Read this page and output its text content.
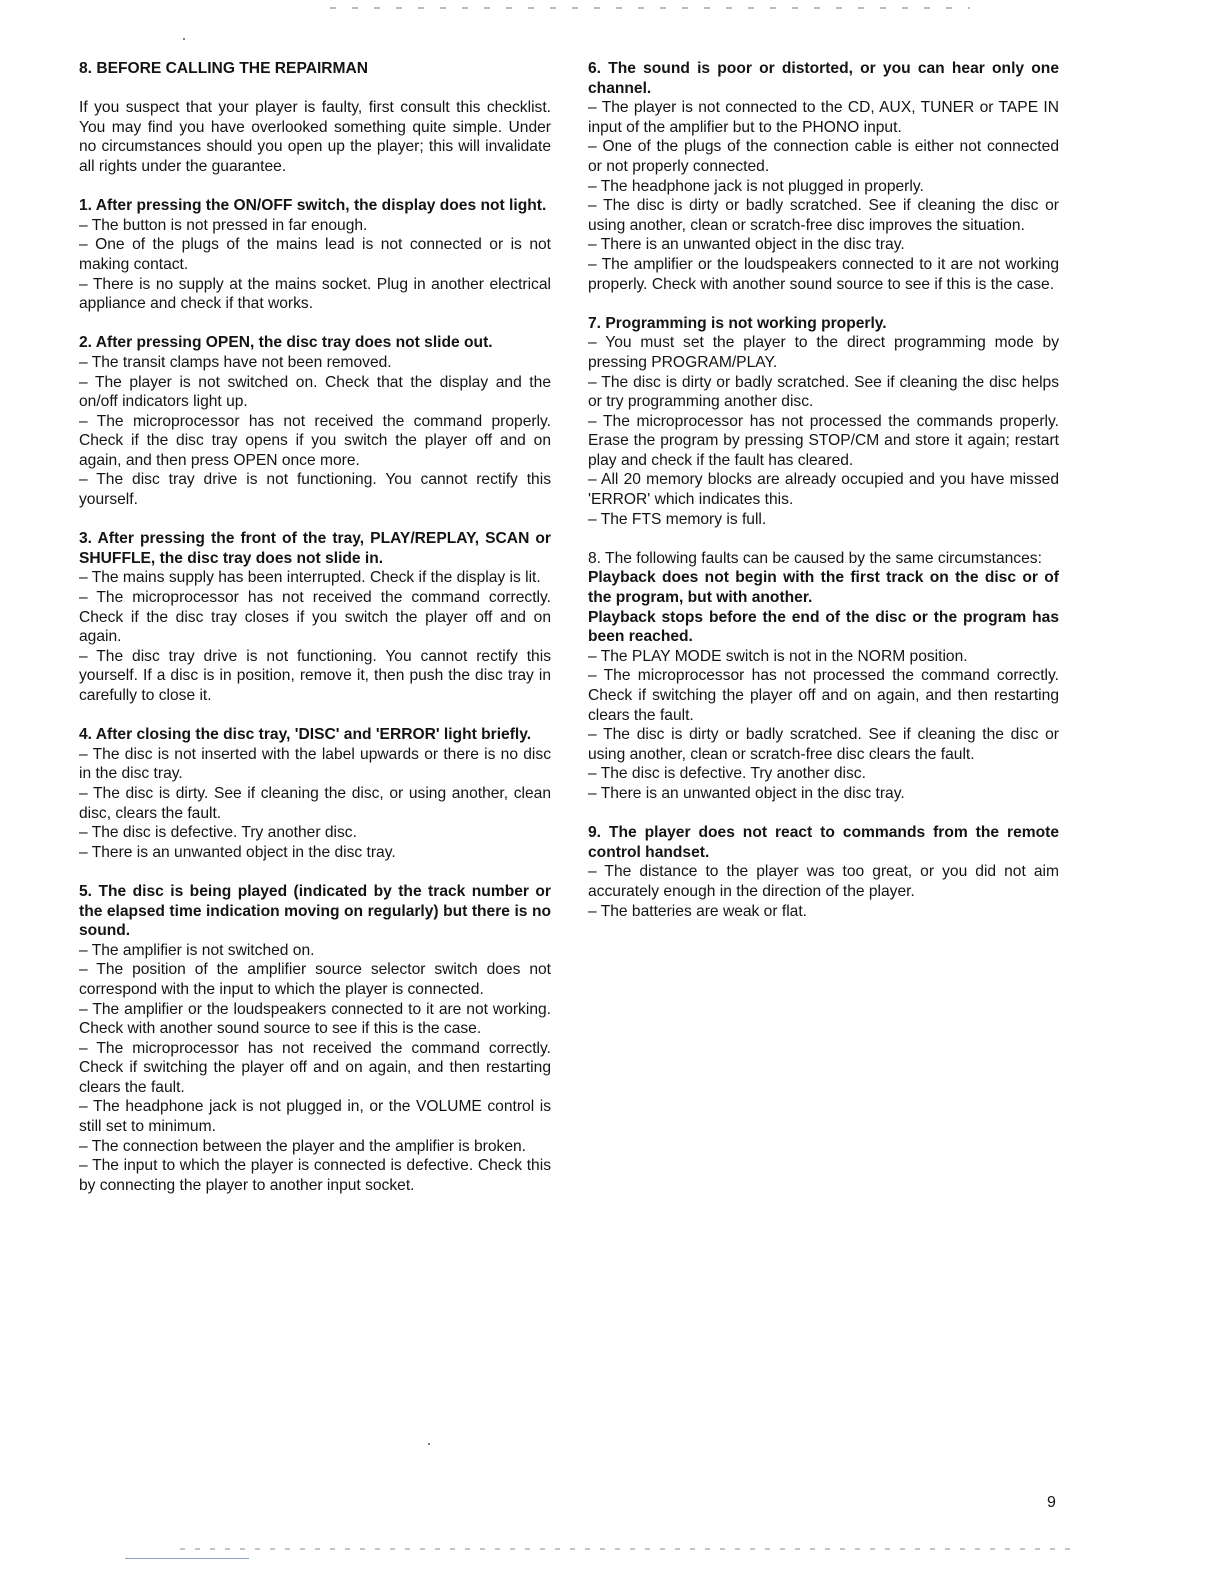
8. BEFORE CALLING THE REPAIRMAN

If you suspect that your player is faulty, first consult this checklist. You may find you have overlooked something quite simple. Under no circumstances should you open up the player; this will invalidate all rights under the guarantee.

1. After pressing the ON/OFF switch, the display does not light.

– The button is not pressed in far enough.

– One of the plugs of the mains lead is not connected or is not making contact.

– There is no supply at the mains socket. Plug in another electrical appliance and check if that works.

2. After pressing OPEN, the disc tray does not slide out.

– The transit clamps have not been removed.

– The player is not switched on. Check that the display and the on/off indicators light up.

– The microprocessor has not received the command properly. Check if the disc tray opens if you switch the player off and on again, and then press OPEN once more.

– The disc tray drive is not functioning. You cannot rectify this yourself.

3. After pressing the front of the tray, PLAY/REPLAY, SCAN or SHUFFLE, the disc tray does not slide in.

– The mains supply has been interrupted. Check if the display is lit.

– The microprocessor has not received the command correctly. Check if the disc tray closes if you switch the player off and on again.

– The disc tray drive is not functioning. You cannot rectify this yourself. If a disc is in position, remove it, then push the disc tray in carefully to close it.

4. After closing the disc tray, 'DISC' and 'ERROR' light briefly.

– The disc is not inserted with the label upwards or there is no disc in the disc tray.

– The disc is dirty. See if cleaning the disc, or using another, clean disc, clears the fault.

– The disc is defective. Try another disc.

– There is an unwanted object in the disc tray.

5. The disc is being played (indicated by the track number or the elapsed time indication moving on regularly) but there is no sound.

– The amplifier is not switched on.

– The position of the amplifier source selector switch does not correspond with the input to which the player is connected.

– The amplifier or the loudspeakers connected to it are not working. Check with another sound source to see if this is the case.

– The microprocessor has not received the command correctly. Check if switching the player off and on again, and then restarting clears the fault.

– The headphone jack is not plugged in, or the VOLUME control is still set to minimum.

– The connection between the player and the amplifier is broken.

– The input to which the player is connected is defective. Check this by connecting the player to another input socket.

6. The sound is poor or distorted, or you can hear only one channel.

– The player is not connected to the CD, AUX, TUNER or TAPE IN input of the amplifier but to the PHONO input.

– One of the plugs of the connection cable is either not connected or not properly connected.

– The headphone jack is not plugged in properly.

– The disc is dirty or badly scratched. See if cleaning the disc or using another, clean or scratch-free disc improves the situation.

– There is an unwanted object in the disc tray.

– The amplifier or the loudspeakers connected to it are not working properly. Check with another sound source to see if this is the case.

7. Programming is not working properly.

– You must set the player to the direct programming mode by pressing PROGRAM/PLAY.

– The disc is dirty or badly scratched. See if cleaning the disc helps or try programming another disc.

– The microprocessor has not processed the commands properly. Erase the program by pressing STOP/CM and store it again; restart play and check if the fault has cleared.

– All 20 memory blocks are already occupied and you have missed 'ERROR' which indicates this.

– The FTS memory is full.

8. The following faults can be caused by the same circumstances:

Playback does not begin with the first track on the disc or of the program, but with another.

Playback stops before the end of the disc or the program has been reached.

– The PLAY MODE switch is not in the NORM position.

– The microprocessor has not processed the command correctly. Check if switching the player off and on again, and then restarting clears the fault.

– The disc is dirty or badly scratched. See if cleaning the disc or using another, clean or scratch-free disc clears the fault.

– The disc is defective. Try another disc.

– There is an unwanted object in the disc tray.

9. The player does not react to commands from the remote control handset.

– The distance to the player was too great, or you did not aim accurately enough in the direction of the player.

– The batteries are weak or flat.

9
